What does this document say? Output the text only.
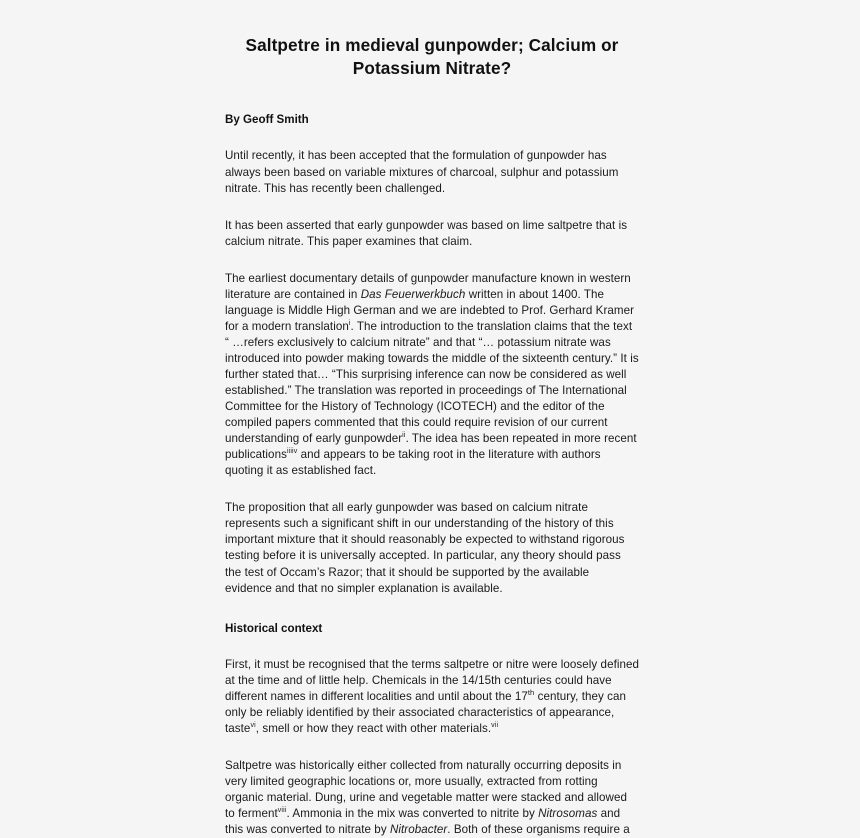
Saltpetre in medieval gunpowder; Calcium or Potassium Nitrate?
By Geoff Smith

Until recently, it has been accepted that the formulation of gunpowder has always been based on variable mixtures of charcoal, sulphur and potassium nitrate. This has recently been challenged.

It has been asserted that early gunpowder was based on lime saltpetre that is calcium nitrate. This paper examines that claim.

The earliest documentary details of gunpowder manufacture known in western literature are contained in Das Feuerwerkbuch written in about 1400. The language is Middle High German and we are indebted to Prof. Gerhard Kramer for a modern translation$^i$. The introduction to the translation claims that the text “ …refers exclusively to calcium nitrate” and that “… potassium nitrate was introduced into powder making towards the middle of the sixteenth century.” It is further stated that… “This surprising inference can now be considered as well established.” The translation was reported in proceedings of The International Committee for the History of Technology (ICOTECH) and the editor of the compiled papers commented that this could require revision of our current understanding of early gunpowder$^{ii}$. The idea has been repeated in more recent publications$^{iiiiv}$ and appears to be taking root in the literature with authors quoting it as established fact.

The proposition that all early gunpowder was based on calcium nitrate represents such a significant shift in our understanding of the history of this important mixture that it should reasonably be expected to withstand rigorous testing before it is universally accepted. In particular, any theory should pass the test of Occam’s Razor; that it should be supported by the available evidence and that no simpler explanation is available.

Historical context

First, it must be recognised that the terms saltpetre or nitre were loosely defined at the time and of little help. Chemicals in the 14/15th centuries could have different names in different localities and until about the 17th century, they can only be reliably identified by their associated characteristics of appearance, taste$^{vi}$, smell or how they react with other materials.$^{vii}$

Saltpetre was historically either collected from naturally occurring deposits in very limited geographic locations or, more usually, extracted from rotting organic material. Dung, urine and vegetable matter were stacked and allowed to ferment$^{viii}$. Ammonia in the mix was converted to nitrite by Nitrosomas and this was converted to nitrate by Nitrobacter. Both of these organisms require a
